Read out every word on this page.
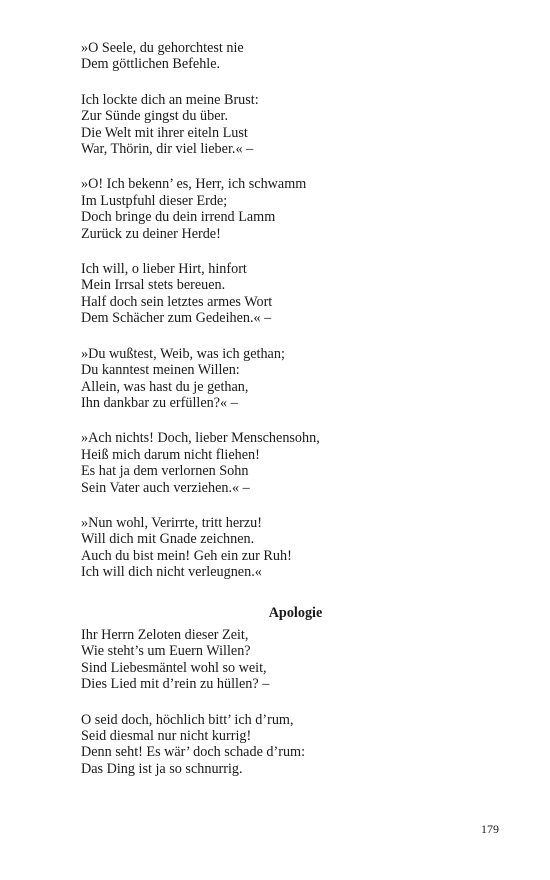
»O Seele, du gehorchtest nie
Dem göttlichen Befehle.
Ich lockte dich an meine Brust:
Zur Sünde gingst du über.
Die Welt mit ihrer eiteln Lust
War, Thörin, dir viel lieber.« –
»O! Ich bekenn’ es, Herr, ich schwamm
Im Lustpfuhl dieser Erde;
Doch bringe du dein irrend Lamm
Zurück zu deiner Herde!
Ich will, o lieber Hirt, hinfort
Mein Irrsal stets bereuen.
Half doch sein letztes armes Wort
Dem Schächer zum Gedeihen.« –
»Du wußtest, Weib, was ich gethan;
Du kanntest meinen Willen:
Allein, was hast du je gethan,
Ihn dankbar zu erfüllen?« –
»Ach nichts! Doch, lieber Menschensohn,
Heiß mich darum nicht fliehen!
Es hat ja dem verlornen Sohn
Sein Vater auch verziehen.« –
»Nun wohl, Verirrte, tritt herzu!
Will dich mit Gnade zeichnen.
Auch du bist mein! Geh ein zur Ruh!
Ich will dich nicht verleugnen.«
Apologie
Ihr Herrn Zeloten dieser Zeit,
Wie steht’s um Euern Willen?
Sind Liebesmäntel wohl so weit,
Dies Lied mit d’rein zu hüllen? –
O seid doch, höchlich bitt’ ich d’rum,
Seid diesmal nur nicht kurrig!
Denn seht! Es wär’ doch schade d’rum:
Das Ding ist ja so schnurrig.
179
